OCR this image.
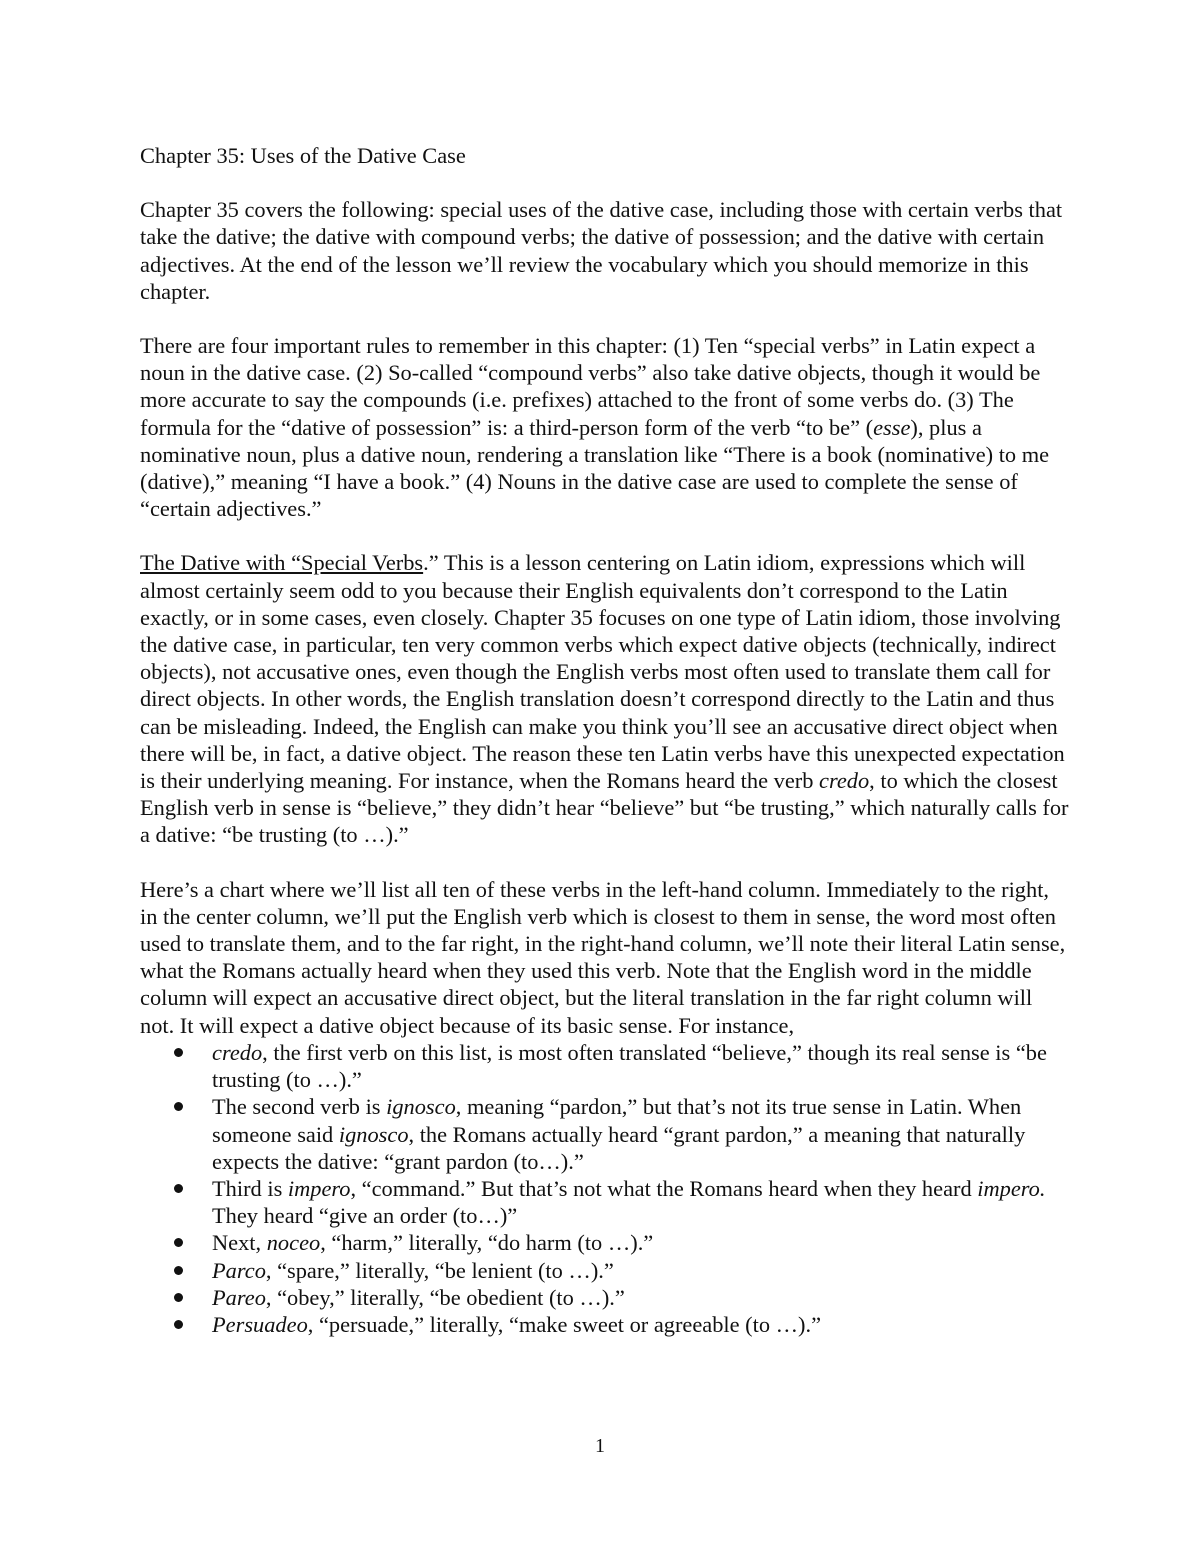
Chapter 35: Uses of the Dative Case

Chapter 35 covers the following: special uses of the dative case, including those with certain verbs that take the dative; the dative with compound verbs; the dative of possession; and the dative with certain adjectives. At the end of the lesson we’ll review the vocabulary which you should memorize in this chapter.

There are four important rules to remember in this chapter: (1) Ten “special verbs” in Latin expect a noun in the dative case. (2) So-called “compound verbs” also take dative objects, though it would be more accurate to say the compounds (i.e. prefixes) attached to the front of some verbs do. (3) The formula for the “dative of possession” is: a third-person form of the verb “to be” (esse), plus a nominative noun, plus a dative noun, rendering a translation like “There is a book (nominative) to me (dative),” meaning “I have a book.” (4) Nouns in the dative case are used to complete the sense of “certain adjectives.”

The Dative with “Special Verbs.” This is a lesson centering on Latin idiom, expressions which will almost certainly seem odd to you because their English equivalents don’t correspond to the Latin exactly, or in some cases, even closely. Chapter 35 focuses on one type of Latin idiom, those involving the dative case, in particular, ten very common verbs which expect dative objects (technically, indirect objects), not accusative ones, even though the English verbs most often used to translate them call for direct objects. In other words, the English translation doesn’t correspond directly to the Latin and thus can be misleading. Indeed, the English can make you think you’ll see an accusative direct object when there will be, in fact, a dative object. The reason these ten Latin verbs have this unexpected expectation is their underlying meaning. For instance, when the Romans heard the verb credo, to which the closest English verb in sense is “believe,” they didn’t hear “believe” but “be trusting,” which naturally calls for a dative: “be trusting (to …).”

Here’s a chart where we’ll list all ten of these verbs in the left-hand column. Immediately to the right, in the center column, we’ll put the English verb which is closest to them in sense, the word most often used to translate them, and to the far right, in the right-hand column, we’ll note their literal Latin sense, what the Romans actually heard when they used this verb. Note that the English word in the middle column will expect an accusative direct object, but the literal translation in the far right column will not. It will expect a dative object because of its basic sense. For instance,

credo, the first verb on this list, is most often translated “believe,” though its real sense is “be trusting (to …).”
The second verb is ignosco, meaning “pardon,” but that’s not its true sense in Latin. When someone said ignosco, the Romans actually heard “grant pardon,” a meaning that naturally expects the dative: “grant pardon (to…).”
Third is impero, “command.” But that’s not what the Romans heard when they heard impero. They heard “give an order (to…)”
Next, noceo, “harm,” literally, “do harm (to …).”
Parco, “spare,” literally, “be lenient (to …).”
Pareo, “obey,” literally, “be obedient (to …).”
Persuadeo, “persuade,” literally, “make sweet or agreeable (to …).”
1
